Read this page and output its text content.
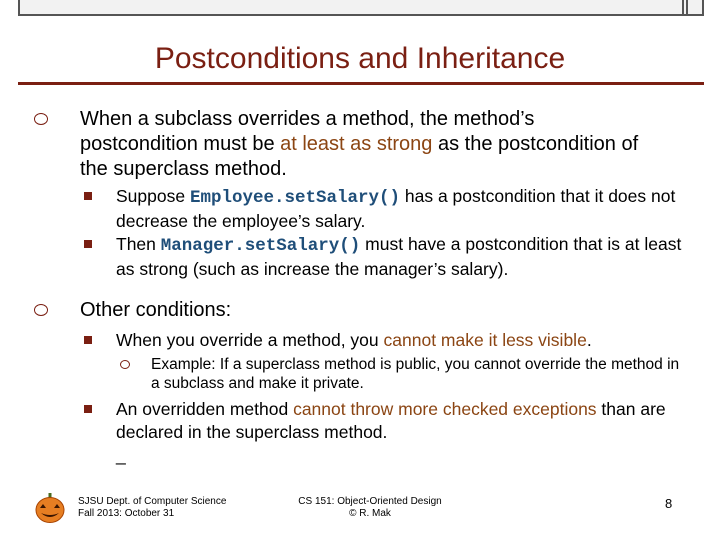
Postconditions and Inheritance
When a subclass overrides a method, the method’s postcondition must be at least as strong as the postcondition of the superclass method.
Suppose Employee.setSalary() has a postcondition that it does not decrease the employee’s salary.
Then Manager.setSalary() must have a postcondition that is at least as strong (such as increase the manager’s salary).
Other conditions:
When you override a method, you cannot make it less visible.
Example: If a superclass method is public, you cannot override the method in a subclass and make it private.
An overridden method cannot throw more checked exceptions than are declared in the superclass method.
_
SJSU Dept. of Computer Science
Fall 2013: October 31
CS 151: Object-Oriented Design
© R. Mak
8
